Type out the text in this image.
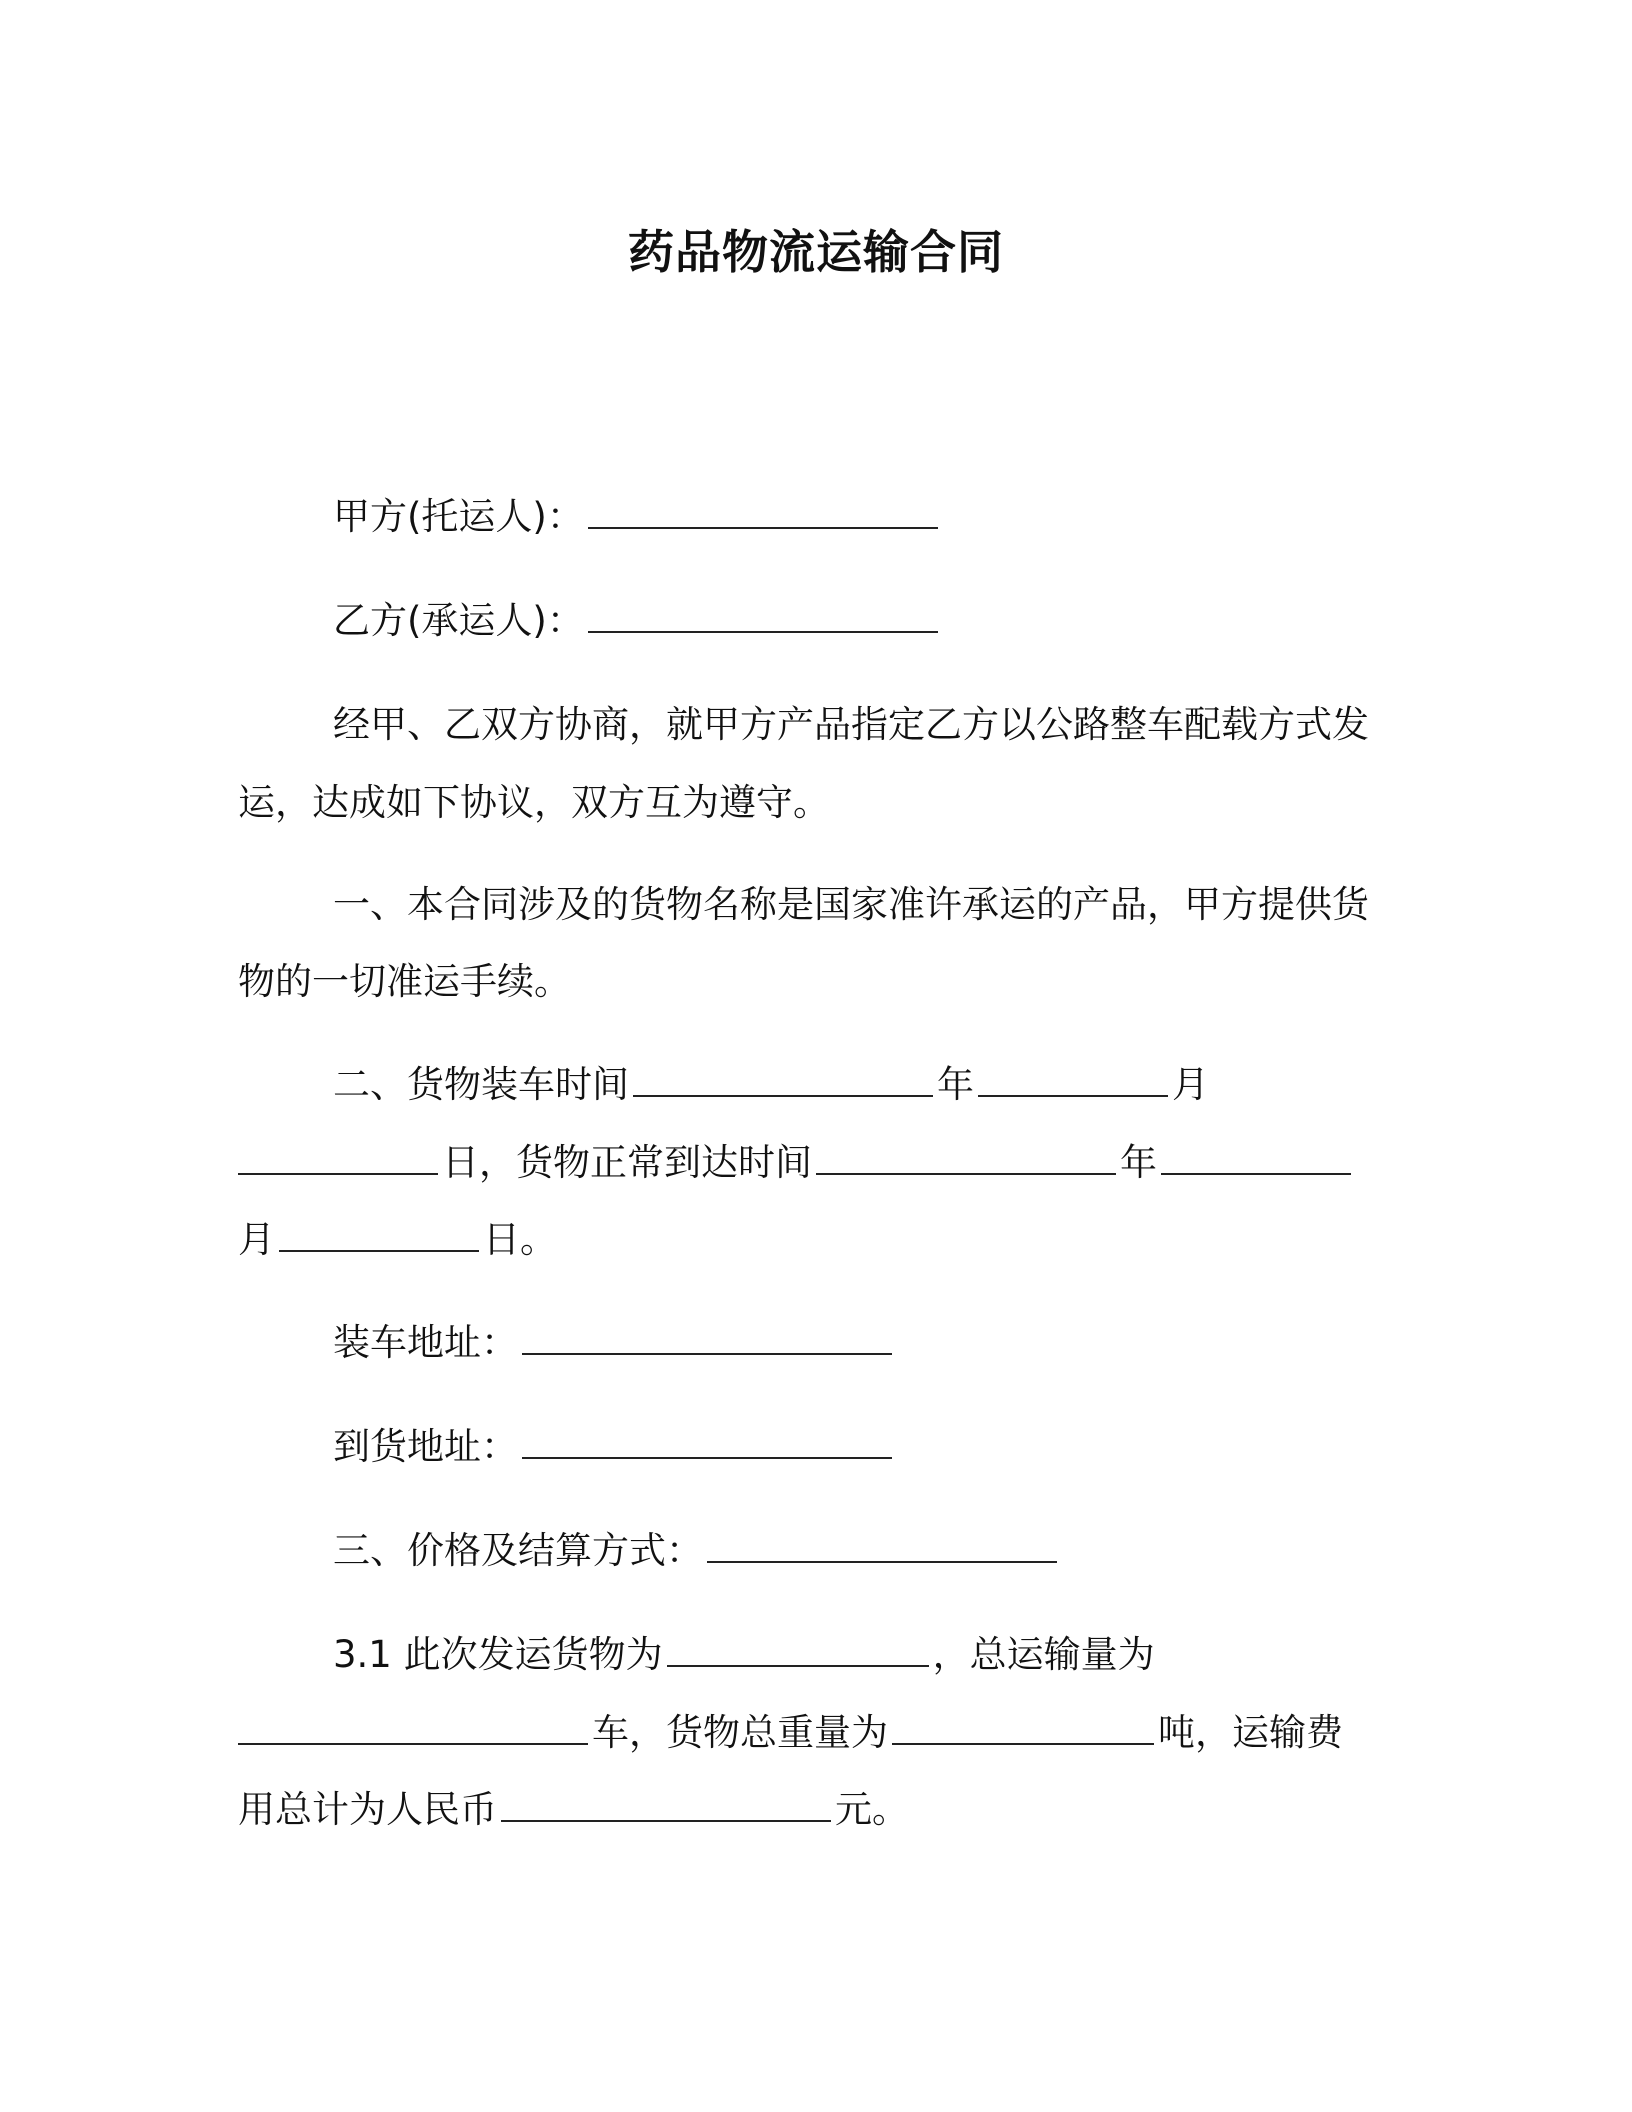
药品物流运输合同
甲方(托运人)：
乙方(承运人)：
经甲、乙双方协商，就甲方产品指定乙方以公路整车配载方式发
运，达成如下协议，双方互为遵守。
一、本合同涉及的货物名称是国家准许承运的产品，甲方提供货
物的一切准运手续。
二、货物装车时间	年	月
日，货物正常到达时间	年
月	日。
装车地址：
到货地址：
三、价格及结算方式：
3.1 此次发运货物为	，总运输量为
车，货物总重量为	吨，运输费
用总计为人民币	元。
